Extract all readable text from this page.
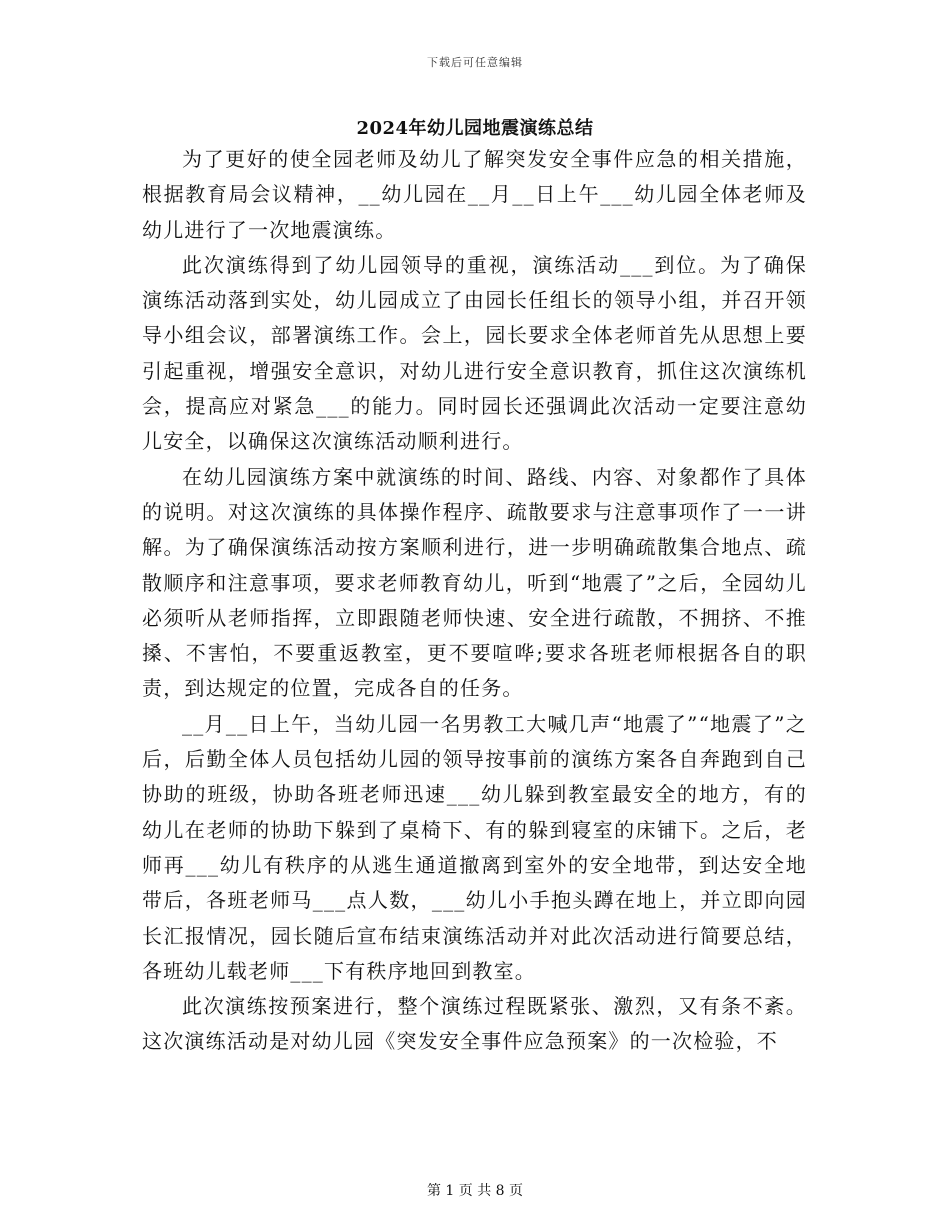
下载后可任意编辑
2024年幼儿园地震演练总结

为了更好的使全园老师及幼儿了解突发安全事件应急的相关措施，根据教育局会议精神，__幼儿园在__月__日上午___幼儿园全体老师及幼儿进行了一次地震演练。

此次演练得到了幼儿园领导的重视，演练活动___到位。为了确保演练活动落到实处，幼儿园成立了由园长任组长的领导小组，并召开领导小组会议，部署演练工作。会上，园长要求全体老师首先从思想上要引起重视，增强安全意识，对幼儿进行安全意识教育，抓住这次演练机会，提高应对紧急___的能力。同时园长还强调此次活动一定要注意幼儿安全，以确保这次演练活动顺利进行。

在幼儿园演练方案中就演练的时间、路线、内容、对象都作了具体的说明。对这次演练的具体操作程序、疏散要求与注意事项作了一一讲解。为了确保演练活动按方案顺利进行，进一步明确疏散集合地点、疏散顺序和注意事项，要求老师教育幼儿，听到“地震了”之后，全园幼儿必须听从老师指挥，立即跟随老师快速、安全进行疏散，不拥挤、不推搡、不害怕，不要重返教室，更不要喧哗;要求各班老师根据各自的职责，到达规定的位置，完成各自的任务。

__月__日上午，当幼儿园一名男教工大喊几声“地震了”“地震了”之后，后勤全体人员包括幼儿园的领导按事前的演练方案各自奔跑到自己协助的班级，协助各班老师迅速___幼儿躲到教室最安全的地方，有的幼儿在老师的协助下躲到了桌椅下、有的躲到寝室的床铺下。之后，老师再___幼儿有秩序的从逃生通道撤离到室外的安全地带，到达安全地带后，各班老师马___点人数，___幼儿小手抱头蹲在地上，并立即向园长汇报情况，园长随后宣布结束演练活动并对此次活动进行简要总结，各班幼儿载老师___下有秩序地回到教室。

此次演练按预案进行，整个演练过程既紧张、激烈，又有条不紊。这次演练活动是对幼儿园《突发安全事件应急预案》的一次检验，不

第 1 页 共 8 页
